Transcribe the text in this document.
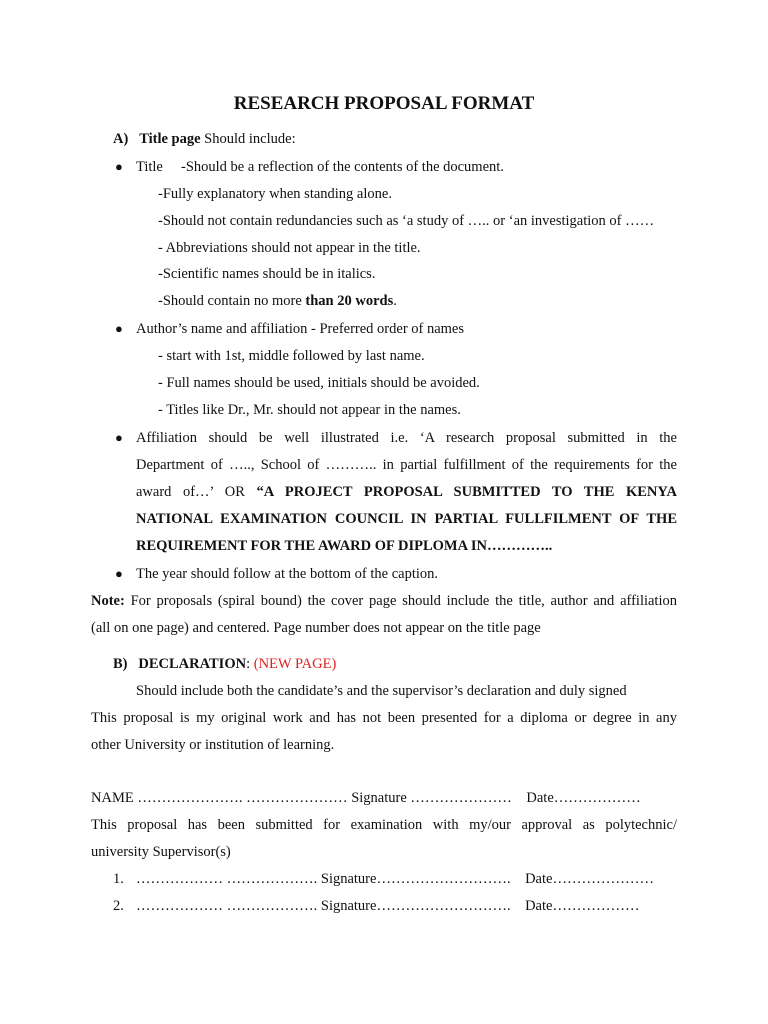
RESEARCH PROPOSAL FORMAT
A) Title page Should include:
● Title -Should be a reflection of the contents of the document.
-Fully explanatory when standing alone.
-Should not contain redundancies such as ‘a study of ….. or ‘an investigation of ……
- Abbreviations should not appear in the title.
-Scientific names should be in italics.
-Should contain no more than 20 words.
● Author’s name and affiliation - Preferred order of names
- start with 1st, middle followed by last name.
- Full names should be used, initials should be avoided.
- Titles like Dr., Mr. should not appear in the names.
● Affiliation should be well illustrated i.e. ‘A research proposal submitted in the
Department of ….., School of ……….. in partial fulfillment of the requirements for the
award of…’ OR “A PROJECT PROPOSAL SUBMITTED TO THE KENYA
NATIONAL EXAMINATION COUNCIL IN PARTIAL FULLFILMENT OF THE
REQUIREMENT FOR THE AWARD OF DIPLOMA IN…………..
● The year should follow at the bottom of the caption.
Note: For proposals (spiral bound) the cover page should include the title, author and affiliation
(all on one page) and centered. Page number does not appear on the title page
B) DECLARATION: (NEW PAGE)
Should include both the candidate’s and the supervisor’s declaration and duly signed
This proposal is my original work and has not been presented for a diploma or degree in any
other University or institution of learning.
NAME …………………. ………………… Signature …………………    Date………………
This proposal has been submitted for examination with my/our approval as polytechnic/
university Supervisor(s)
1. ……………… ………………. Signature……………………….    Date…………………
2. ……………… ………………. Signature……………………….    Date………………
